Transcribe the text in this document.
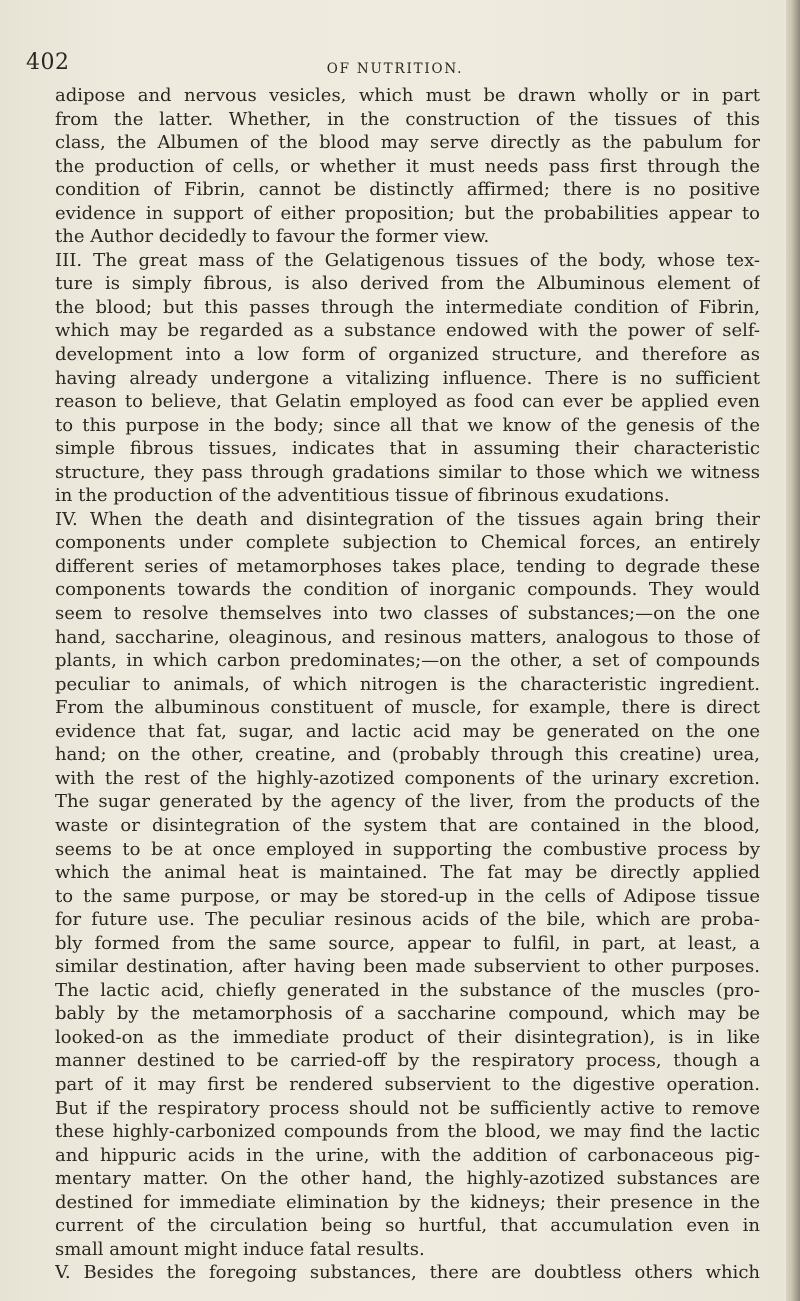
402	OF NUTRITION.
adipose and nervous vesicles, which must be drawn wholly or in part
from the latter. Whether, in the construction of the tissues of this
class, the Albumen of the blood may serve directly as the pabulum for
the production of cells, or whether it must needs pass first through the
condition of Fibrin, cannot be distinctly affirmed; there is no positive
evidence in support of either proposition; but the probabilities appear to
the Author decidedly to favour the former view.
III. The great mass of the Gelatigenous tissues of the body, whose tex-
ture is simply fibrous, is also derived from the Albuminous element of
the blood; but this passes through the intermediate condition of Fibrin,
which may be regarded as a substance endowed with the power of self-
development into a low form of organized structure, and therefore as
having already undergone a vitalizing influence. There is no sufficient
reason to believe, that Gelatin employed as food can ever be applied even
to this purpose in the body; since all that we know of the genesis of the
simple fibrous tissues, indicates that in assuming their characteristic
structure, they pass through gradations similar to those which we witness
in the production of the adventitious tissue of fibrinous exudations.
IV. When the death and disintegration of the tissues again bring their
components under complete subjection to Chemical forces, an entirely
different series of metamorphoses takes place, tending to degrade these
components towards the condition of inorganic compounds. They would
seem to resolve themselves into two classes of substances;—on the one
hand, saccharine, oleaginous, and resinous matters, analogous to those of
plants, in which carbon predominates;—on the other, a set of compounds
peculiar to animals, of which nitrogen is the characteristic ingredient.
From the albuminous constituent of muscle, for example, there is direct
evidence that fat, sugar, and lactic acid may be generated on the one
hand; on the other, creatine, and (probably through this creatine) urea,
with the rest of the highly-azotized components of the urinary excretion.
The sugar generated by the agency of the liver, from the products of the
waste or disintegration of the system that are contained in the blood,
seems to be at once employed in supporting the combustive process by
which the animal heat is maintained. The fat may be directly applied
to the same purpose, or may be stored-up in the cells of Adipose tissue
for future use. The peculiar resinous acids of the bile, which are proba-
bly formed from the same source, appear to fulfil, in part, at least, a
similar destination, after having been made subservient to other purposes.
The lactic acid, chiefly generated in the substance of the muscles (pro-
bably by the metamorphosis of a saccharine compound, which may be
looked-on as the immediate product of their disintegration), is in like
manner destined to be carried-off by the respiratory process, though a
part of it may first be rendered subservient to the digestive operation.
But if the respiratory process should not be sufficiently active to remove
these highly-carbonized compounds from the blood, we may find the lactic
and hippuric acids in the urine, with the addition of carbonaceous pig-
mentary matter. On the other hand, the highly-azotized substances are
destined for immediate elimination by the kidneys; their presence in the
current of the circulation being so hurtful, that accumulation even in
small amount might induce fatal results.
V. Besides the foregoing substances, there are doubtless others which
